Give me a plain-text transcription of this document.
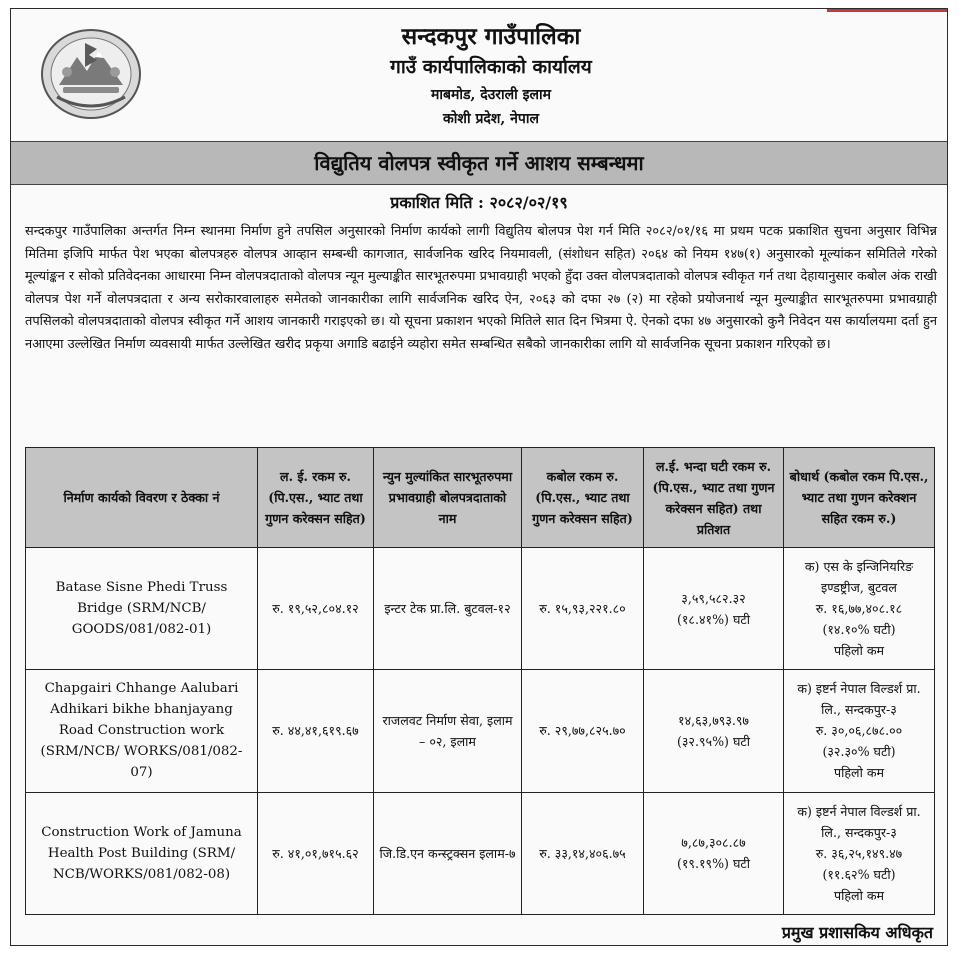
सन्दकपुर गाउँपालिका
गाउँ कार्यपालिकाको कार्यालय
माबमोड, देउराली इलाम
कोशी प्रदेश, नेपाल
विद्युतिय वोलपत्र स्वीकृत गर्ने आशय सम्बन्धमा
प्रकाशित मिति : २०८२/०२/१९

सन्दकपुर गाउँपालिका अन्तर्गत निम्न स्थानमा निर्माण हुने तपसिल अनुसारको निर्माण कार्यको लागी विद्युतिय बोलपत्र पेश गर्न मिति २०८२/०१/१६ मा प्रथम पटक प्रकाशित सुचना अनुसार विभिन्न मितिमा इजिपि मार्फत पेश भएका बोलपत्रहरु वोलपत्र आव्हान सम्बन्धी कागजात, सार्वजनिक खरिद नियमावली, (संशोधन सहित) २०६४ को नियम १४७(१) अनुसारको मूल्यांकन समितिले गरेको मूल्यांङ्कन र सोको प्रतिवेदनका आधारमा निम्न वोलपत्रदाताको वोलपत्र न्यून मुल्याङ्कीत सारभूतरुपमा प्रभावग्राही भएको हुँदा उक्त वोलपत्रदाताको वोलपत्र स्वीकृत गर्न तथा देहायानुसार कबोल अंक राखी वोलपत्र पेश गर्ने वोलपत्रदाता र अन्य सरोकारवालाहरु समेतको जानकारीका लागि सार्वजनिक खरिद ऐन, २०६३ को दफा २७ (२) मा रहेको प्रयोजनार्थ न्यून मुल्याङ्कीत सारभूतरुपमा प्रभावग्राही तपसिलको वोलपत्रदाताको वोलपत्र स्वीकृत गर्ने आशय जानकारी गराइएको छ। यो सूचना प्रकाशन भएको मितिले सात दिन भित्रमा ऐ. ऐनको दफा ४७ अनुसारको कुनै निवेदन यस कार्यालयमा दर्ता हुन नआएमा उल्लेखित निर्माण व्यवसायी मार्फत उल्लेखित खरीद प्रकृया अगाडि बढाईने व्यहोरा समेत सम्बन्धित सबैको जानकारीका लागि यो सार्वजनिक सूचना प्रकाशन गरिएको छ।

निर्माण कार्यको विवरण र ठेक्का नं	ल. ई. रकम रु. (पि.एस., भ्याट तथा गुणन करेक्सन सहित)	न्युन मुल्यांकित सारभूतरुपमा प्रभावग्राही बोलपत्रदाताको नाम	कबोल रकम रु. (पि.एस., भ्याट तथा गुणन करेक्सन सहित)	ल.ई. भन्दा घटी रकम रु. (पि.एस., भ्याट तथा गुणन करेक्सन सहित) तथा प्रतिशत	बोधार्थ (कबोल रकम पि.एस., भ्याट तथा गुणन करेक्शन सहित रकम रु.)
Batase Sisne Phedi Truss Bridge (SRM/NCB/ GOODS/081/082-01)	रु. १९,५२,८०४.१२	इन्टर टेक प्रा.लि. बुटवल-१२	रु. १५,९३,२२१.८०	३,५९,५८२.३२
(१८.४१%) घटी	क) एस के इन्जिनियरिङ इण्डष्ट्रीज, बुटवल
रु. १६,७७,४०८.१८
(१४.१०% घटी)
पहिलो कम

Chapgairi Chhange Aalubari Adhikari bikhe bhanjayang Road Construction work (SRM/NCB/ WORKS/081/082-07)	रु. ४४,४१,६१९.६७	राजलवट निर्माण सेवा, इलाम – ०२, इलाम	रु. २९,७७,८२५.७०	१४,६३,७९३.९७
(३२.९५%) घटी	क) इष्टर्न नेपाल विल्डर्श प्रा. लि., सन्दकपुर-३
रु. ३०,०६,८७८.००
(३२.३०% घटी)
पहिलो कम

Construction Work of Jamuna Health Post Building (SRM/ NCB/WORKS/081/082-08)	रु. ४१,०१,७१५.६२	जि.डि.एन कन्स्ट्रक्सन इलाम-७	रु. ३३,१४,४०६.७५	७,८७,३०८.८७
(१९.१९%) घटी	क) इष्टर्न नेपाल विल्डर्श प्रा. लि., सन्दकपुर-३
रु. ३६,२५,१४९.४७
(११.६२% घटी)
पहिलो कम
प्रमुख प्रशासकिय अधिकृत
